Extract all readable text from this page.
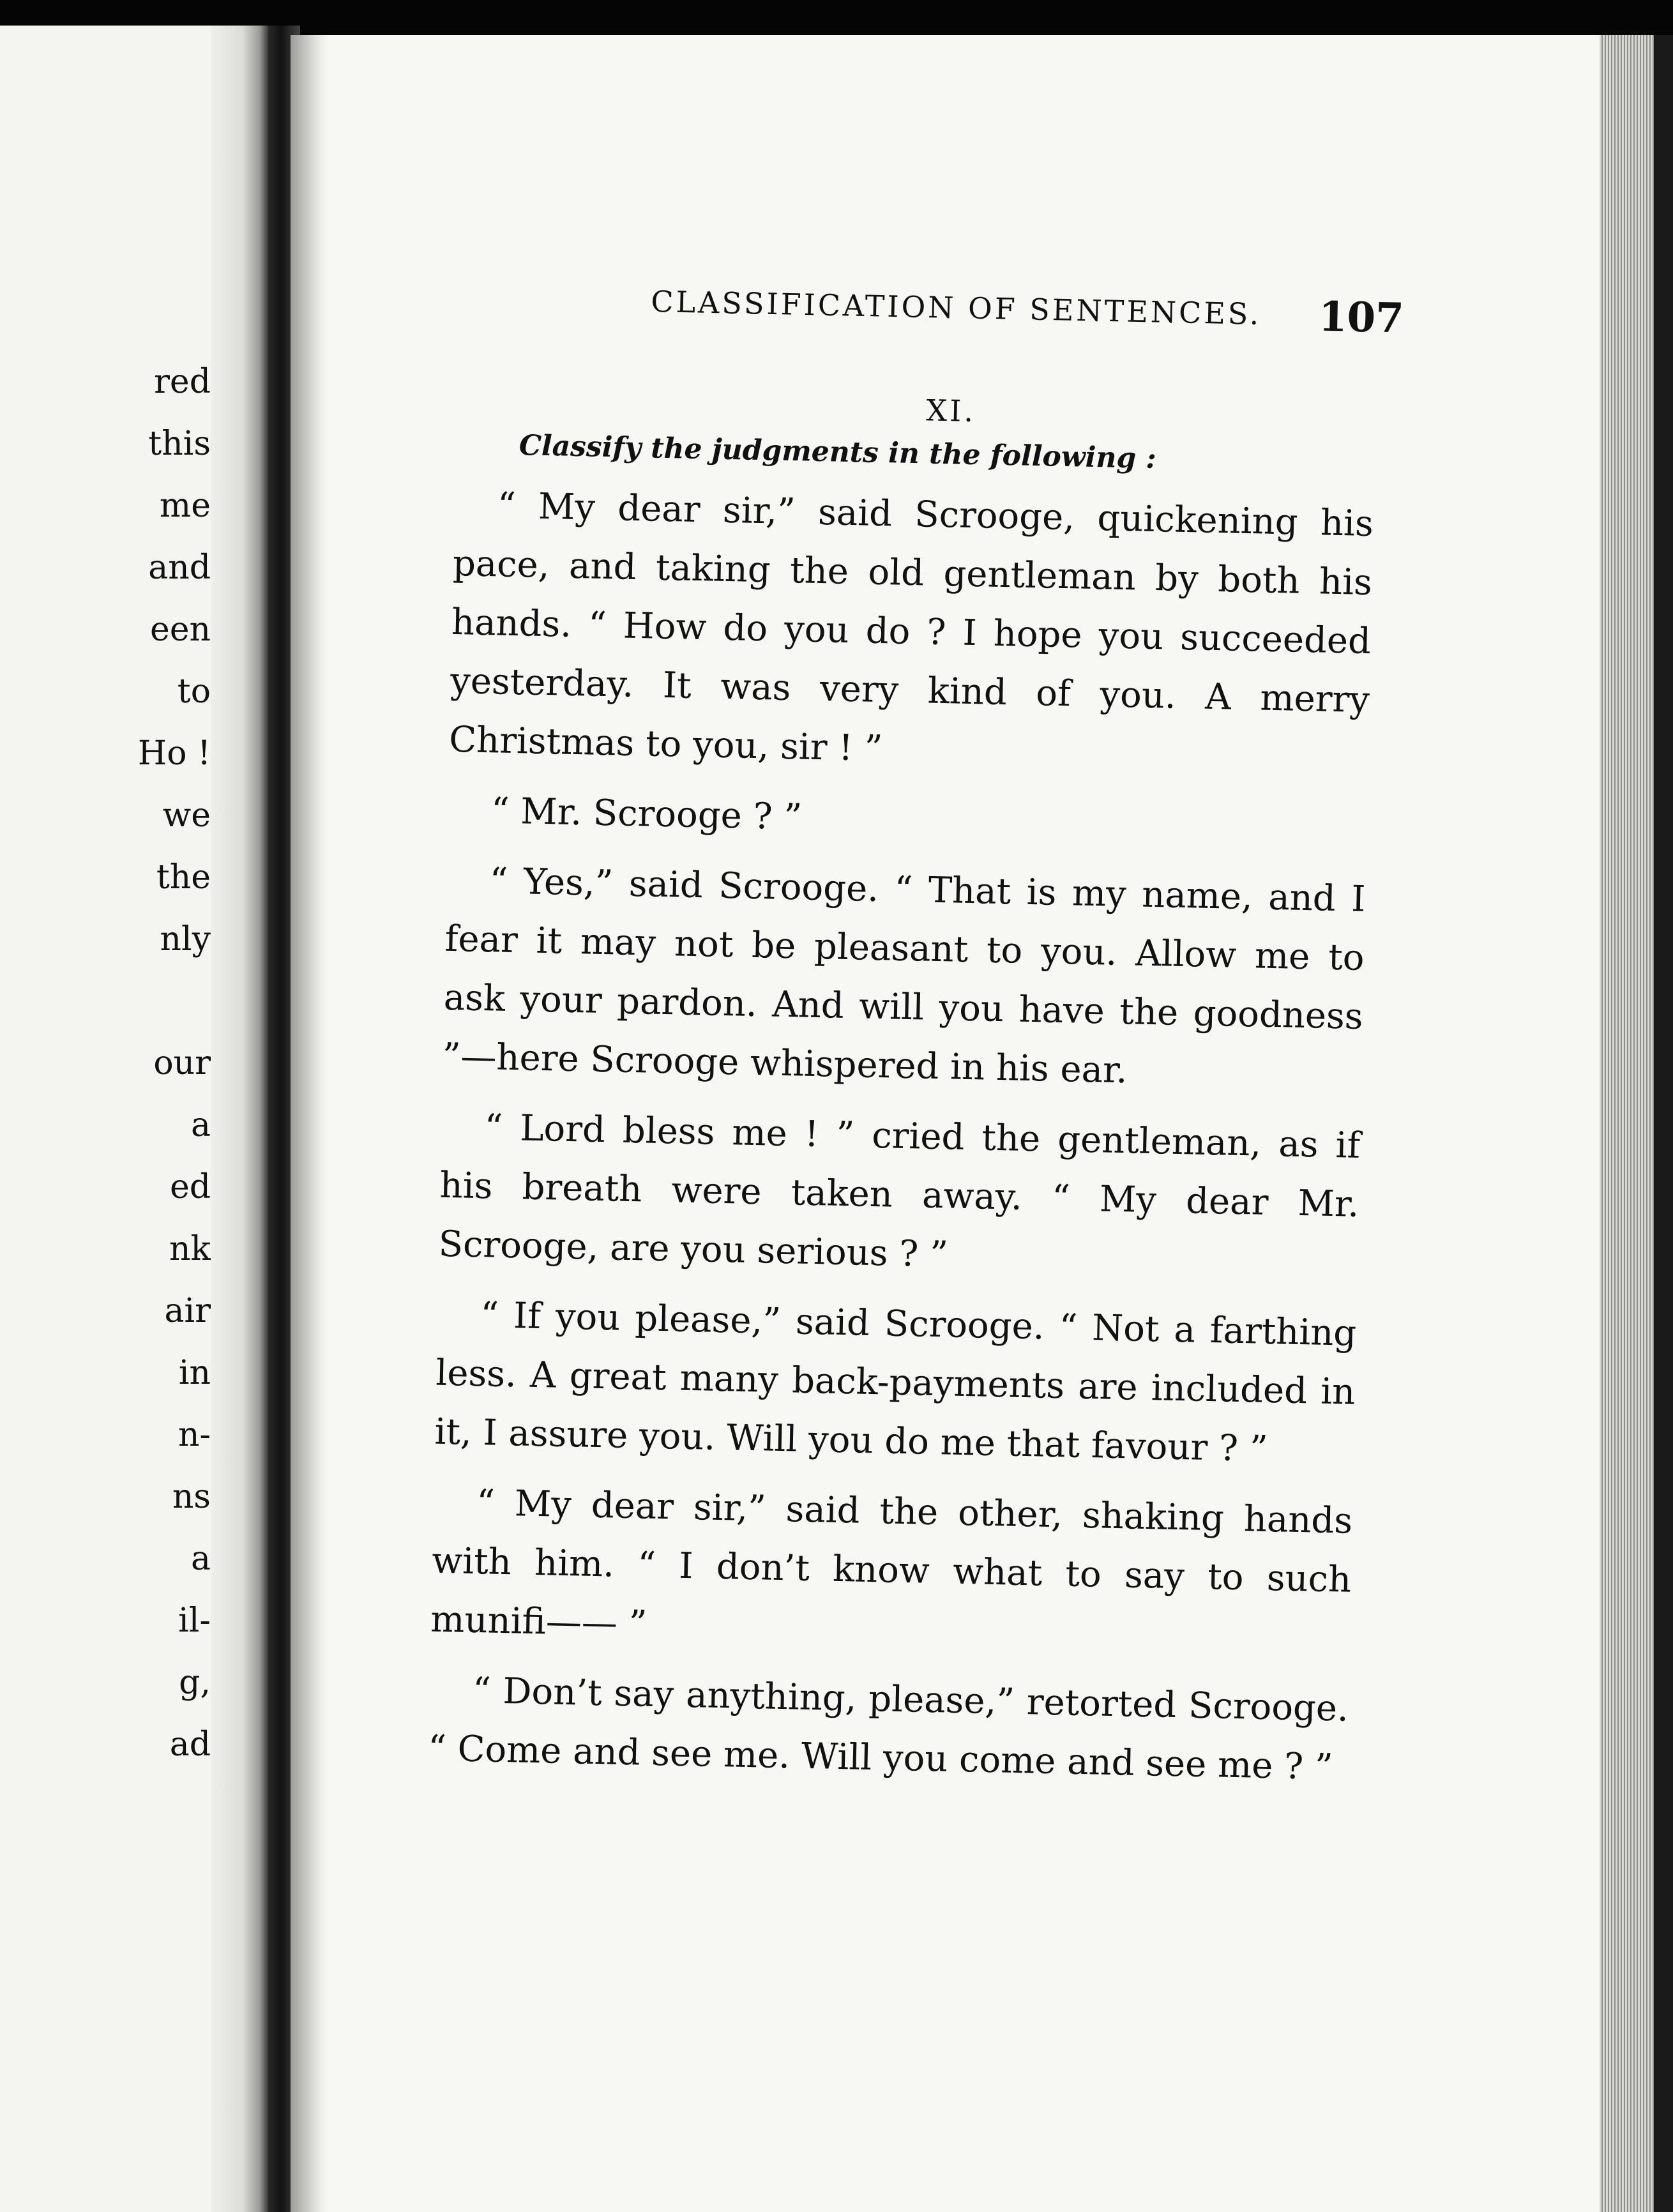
red
this
me
and
een
to
Ho !
we
the
nly
our
a
ed
nk
air
in
n-
ns
a
il-
g,
ad
CLASSIFICATION OF SENTENCES. 107
XI.
Classify the judgments in the following :

“ My dear sir,” said Scrooge, quickening his pace, and taking the old gentleman by both his hands. “ How do you do ? I hope you succeeded yesterday. It was very kind of you. A merry Christmas to you, sir ! ”

“ Mr. Scrooge ? ”

“ Yes,” said Scrooge. “ That is my name, and I fear it may not be pleasant to you. Allow me to ask your pardon. And will you have the goodness ”—here Scrooge whispered in his ear.

“ Lord bless me ! ” cried the gentleman, as if his breath were taken away. “ My dear Mr. Scrooge, are you serious ? ”

“ If you please,” said Scrooge. “ Not a farthing less. A great many back-payments are included in it, I assure you. Will you do me that favour ? ”

“ My dear sir,” said the other, shaking hands with him. “ I don’t know what to say to such munifi—— ”

“ Don’t say anything, please,” retorted Scrooge. “ Come and see me. Will you come and see me ? ”
